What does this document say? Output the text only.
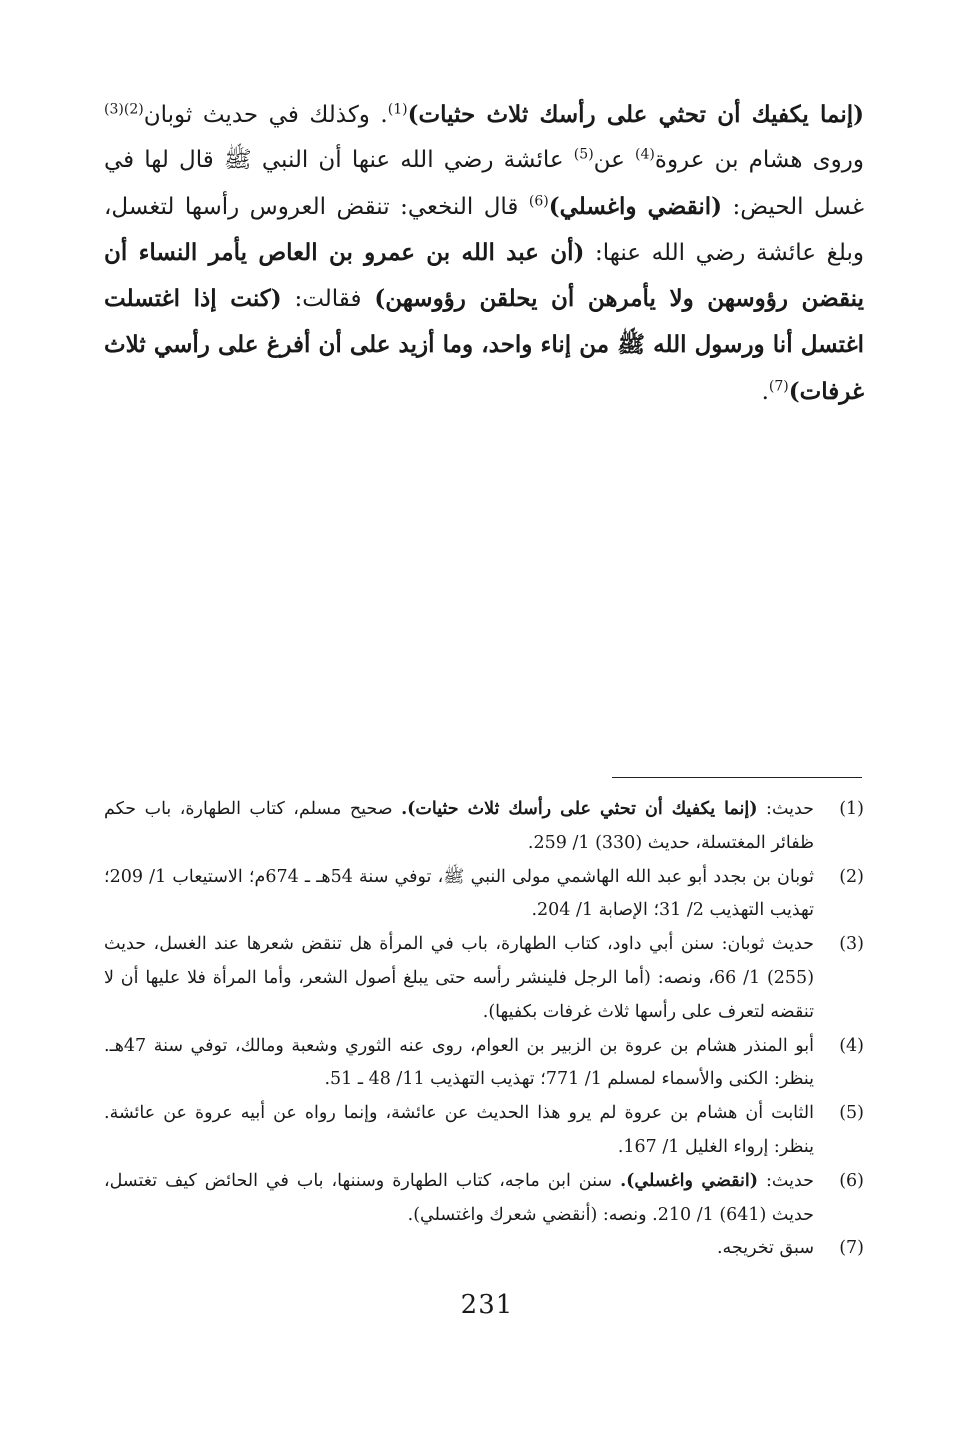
(إنما يكفيك أن تحثي على رأسك ثلاث حثيات)$^{(1)}$. وكذلك في حديث ثوبان$^{(2)(3)}$ وروى هشام بن عروة$^{(4)}$ عن$^{(5)}$ عائشة رضي الله عنها أن النبي ﷺ قال لها في غسل الحيض: (انقضي واغسلي)$^{(6)}$ قال النخعي: تنقض العروس رأسها لتغسل، وبلغ عائشة رضي الله عنها: (أن عبد الله بن عمرو بن العاص يأمر النساء أن ينقضن رؤوسهن ولا يأمرهن أن يحلقن رؤوسهن) فقالت: (كنت إذا اغتسلت اغتسل أنا ورسول الله ﷺ من إناء واحد، وما أزيد على أن أفرغ على رأسي ثلاث غرفات)$^{(7)}$.
(1)
حديث: (إنما يكفيك أن تحثي على رأسك ثلاث حثيات). صحيح مسلم، كتاب الطهارة، باب حكم ظفائر المغتسلة، حديث (330) 1/ 259.
(2)
ثوبان بن بجدد أبو عبد الله الهاشمي مولى النبي ﷺ، توفي سنة 54هـ ـ 674م؛ الاستيعاب 1/ 209؛ تهذيب التهذيب 2/ 31؛ الإصابة 1/ 204.
(3)
حديث ثوبان: سنن أبي داود، كتاب الطهارة، باب في المرأة هل تنقض شعرها عند الغسل، حديث (255) 1/ 66، ونصه: (أما الرجل فلينشر رأسه حتى يبلغ أصول الشعر، وأما المرأة فلا عليها أن لا تنقضه لتعرف على رأسها ثلاث غرفات بكفيها).
(4)
أبو المنذر هشام بن عروة بن الزبير بن العوام، روى عنه الثوري وشعبة ومالك، توفي سنة 47هـ. ينظر: الكنى والأسماء لمسلم 1/ 771؛ تهذيب التهذيب 11/ 48 ـ 51.
(5)
الثابت أن هشام بن عروة لم يرو هذا الحديث عن عائشة، وإنما رواه عن أبيه عروة عن عائشة. ينظر: إرواء الغليل 1/ 167.
(6)
حديث: (انقضي واغسلي). سنن ابن ماجه، كتاب الطهارة وسننها، باب في الحائض كيف تغتسل، حديث (641) 1/ 210. ونصه: (أنقضي شعرك واغتسلي).
(7)
سبق تخريجه.
231
